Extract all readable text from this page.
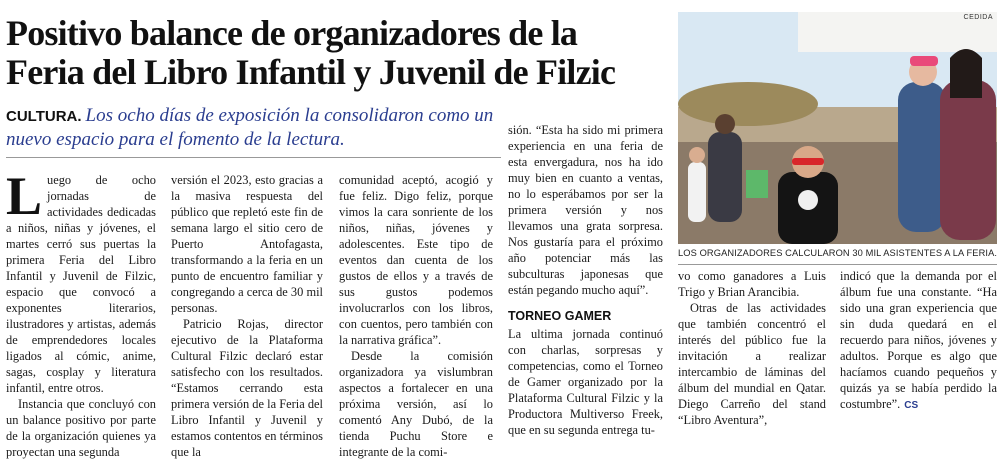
Positivo balance de organizadores de la
Feria del Libro Infantil y Juvenil de Filzic
CULTURA. Los ocho días de exposición la consolidaron como un nuevo espacio para el fomento de la lectura.

Luego de ocho jornadas de actividades dedicadas a niños, niñas y jóvenes, el martes cerró sus puertas la primera Feria del Libro Infantil y Juvenil de Filzic, espacio que convocó a exponentes literarios, ilustradores y artistas, además de emprendedores locales ligados al cómic, anime, sagas, cosplay y literatura infantil, entre otros.

Instancia que concluyó con un balance positivo por parte de la organización quienes ya proyectan una segunda

versión el 2023, esto gracias a la masiva respuesta del público que repletó este fin de semana largo el sitio cero de Puerto Antofagasta, transformando a la feria en un punto de encuentro familiar y congregando a cerca de 30 mil personas.

Patricio Rojas, director ejecutivo de la Plataforma Cultural Filzic declaró estar satisfecho con los resultados. “Estamos cerrando esta primera versión de la Feria del Libro Infantil y Juvenil y estamos contentos en términos que la

comunidad aceptó, acogió y fue feliz. Digo feliz, porque vimos la cara sonriente de los niños, niñas, jóvenes y adolescentes. Este tipo de eventos dan cuenta de los gustos de ellos y a través de sus gustos podemos involucrarlos con los libros, con cuentos, pero también con la narrativa gráfica”.

Desde la comisión organizadora ya vislumbran aspectos a fortalecer en una próxima versión, así lo comentó Any Dubó, de la tienda Puchu Store e integrante de la comi-

sión. “Esta ha sido mi primera experiencia en una feria de esta envergadura, nos ha ido muy bien en cuanto a ventas, no lo esperábamos por ser la primera versión y nos llevamos una grata sorpresa. Nos gustaría para el próximo año potenciar más las subculturas japonesas que están pegando mucho aquí”.

TORNEO GAMER

La ultima jornada continuó con charlas, sorpresas y competencias, como el Torneo de Gamer organizado por la Plataforma Cultural Filzic y la Productora Multiverso Freek, que en su segunda entrega tu-

CEDIDA
LOS ORGANIZADORES CALCULARON 30 MIL ASISTENTES A LA FERIA.

vo como ganadores a Luis Trigo y Brian Arancibia.

Otras de las actividades que también concentró el interés del público fue la invitación a realizar intercambio de láminas del álbum del mundial en Qatar. Diego Carreño del stand “Libro Aventura”,

indicó que la demanda por el álbum fue una constante. “Ha sido una gran experiencia que sin duda quedará en el recuerdo para niños, jóvenes y adultos. Porque es algo que hacíamos cuando pequeños y quizás ya se había perdido la costumbre”. CS
